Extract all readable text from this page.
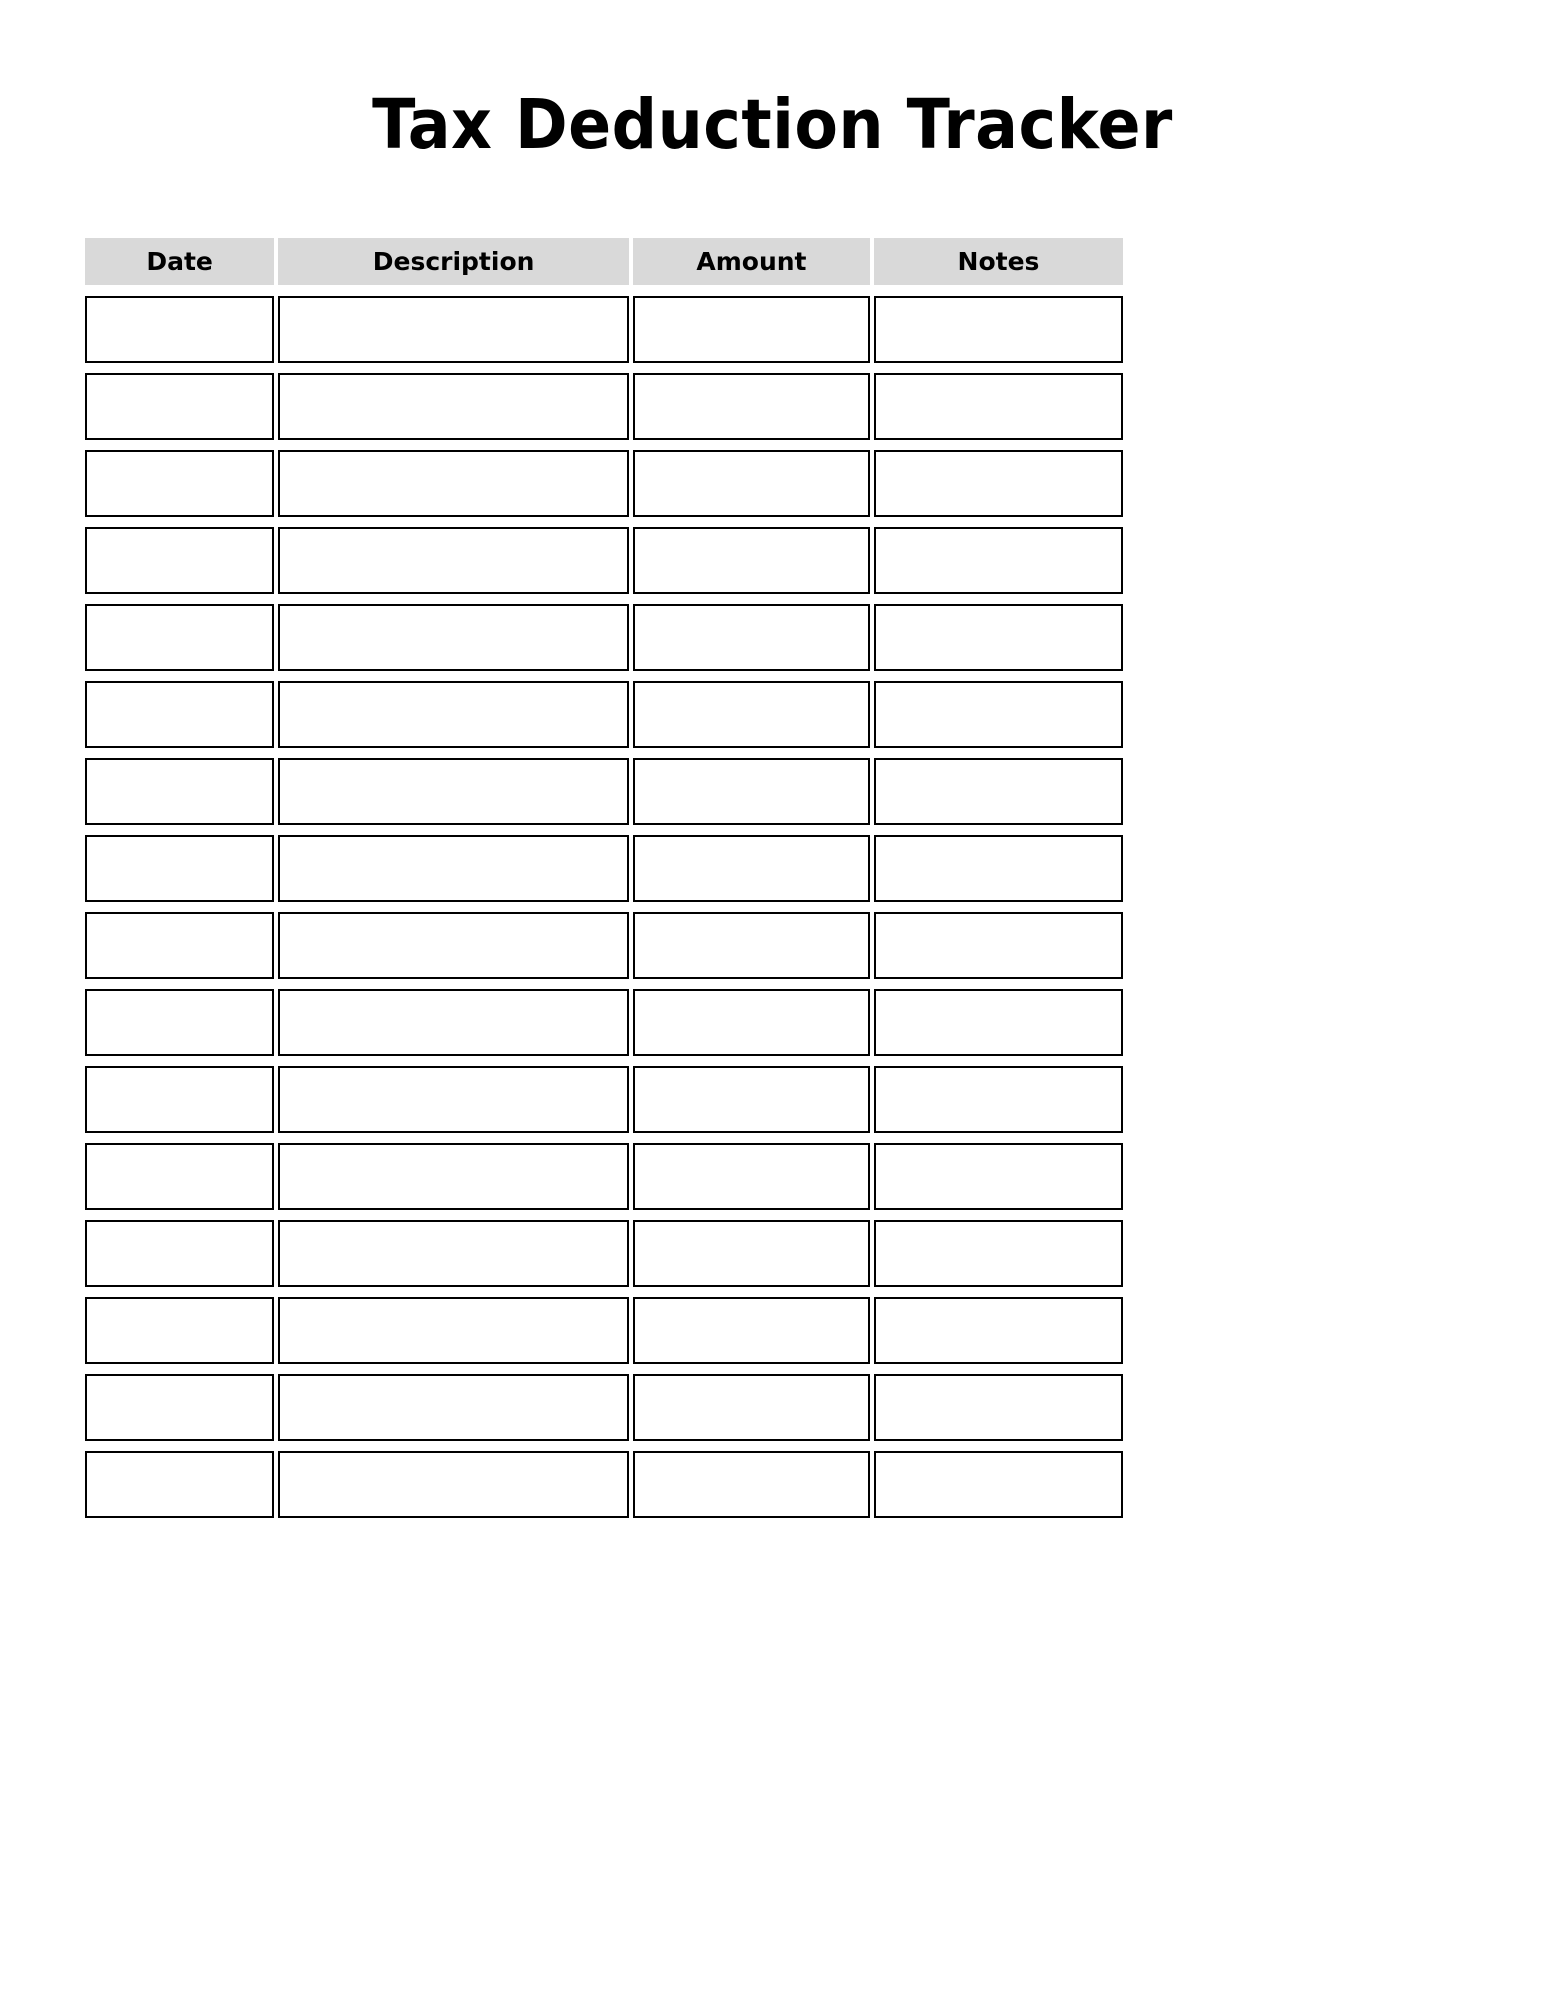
Tax Deduction Tracker
Date	Description	Amount	Notes
